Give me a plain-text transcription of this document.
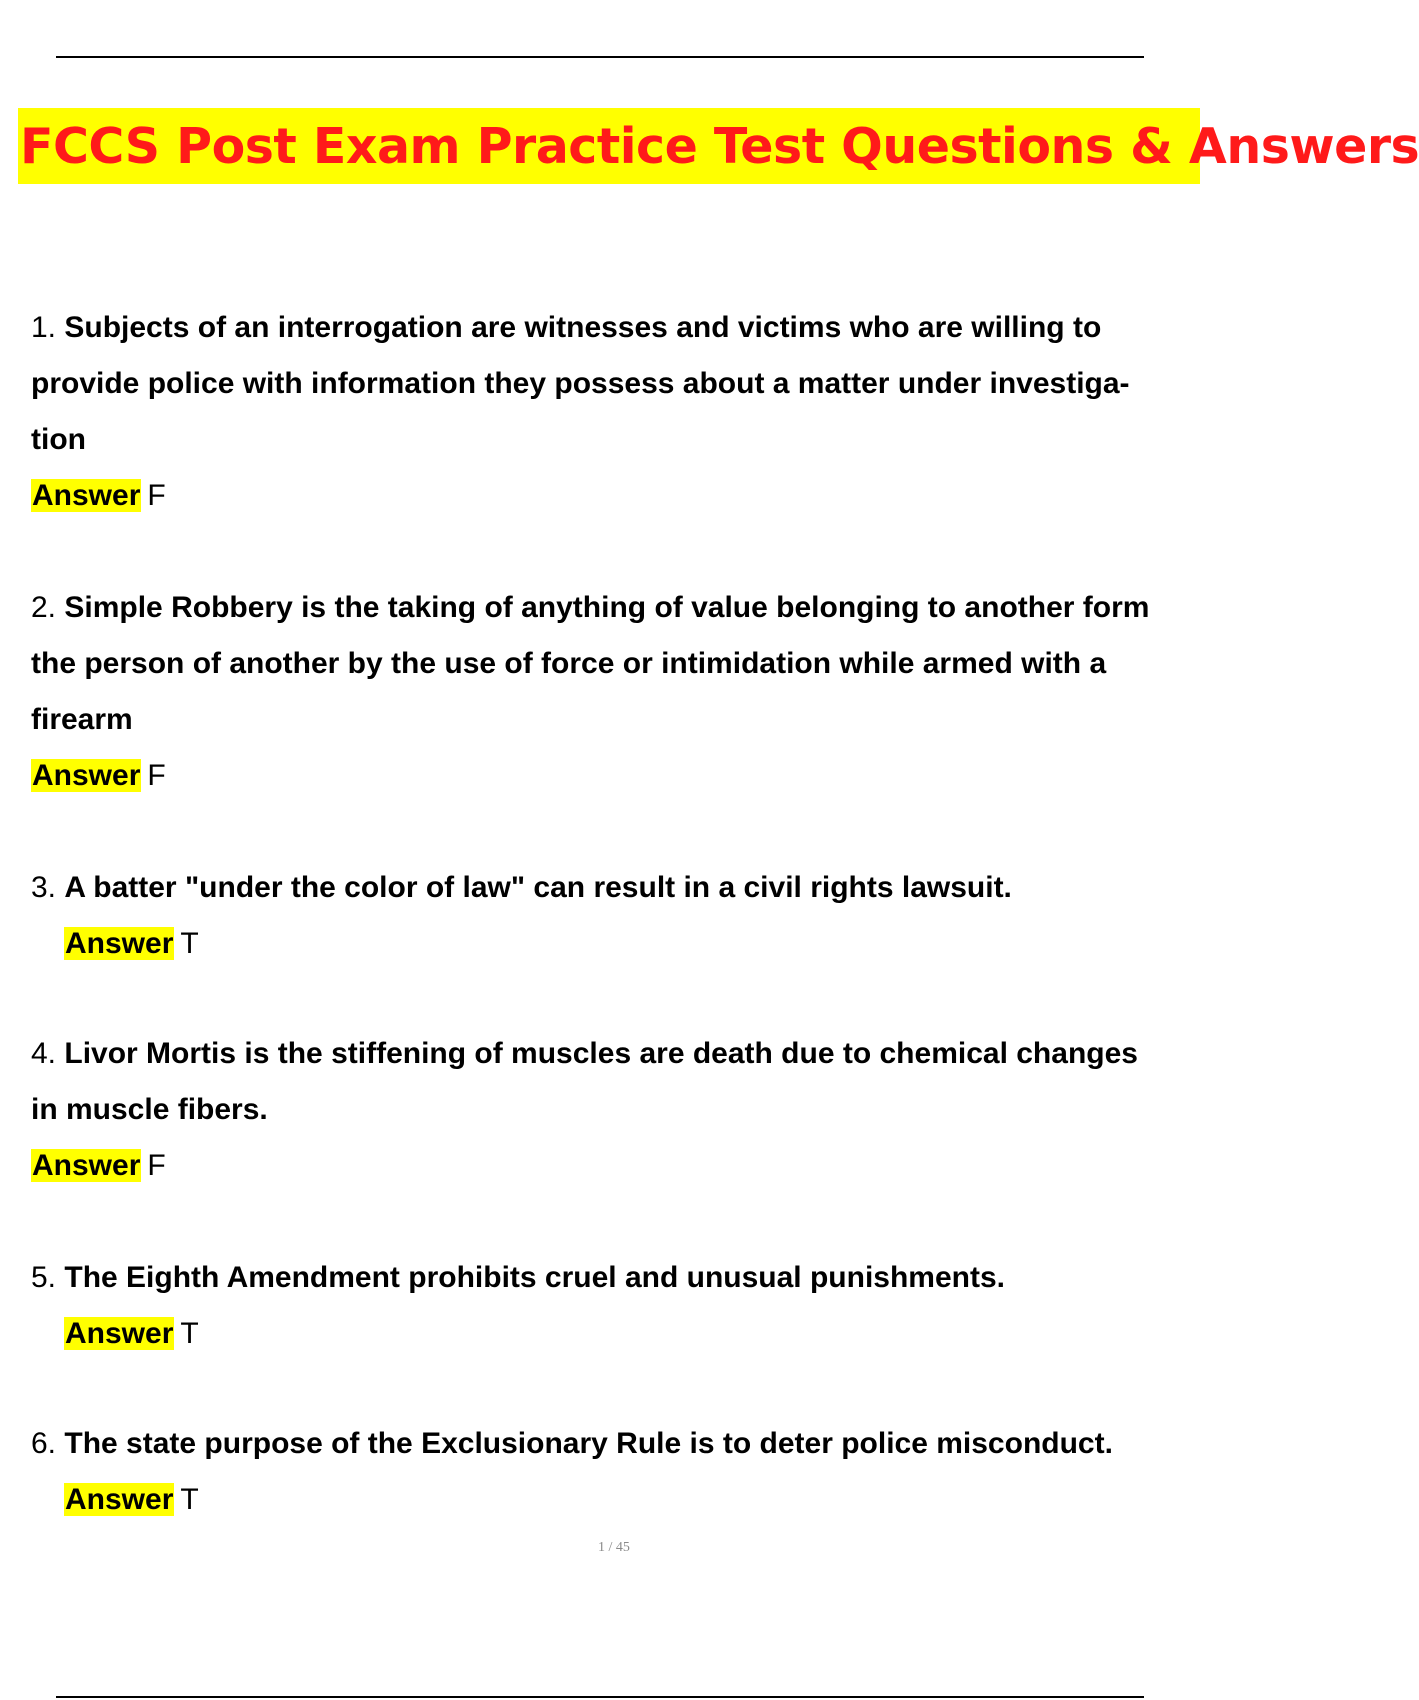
FCCS Post Exam Practice Test Questions & Answers
1. Subjects of an interrogation are witnesses and victims who are willing to
provide police with information they possess about a matter under investiga-
tion
Answer F
2. Simple Robbery is the taking of anything of value belonging to another form
the person of another by the use of force or intimidation while armed with a
firearm
Answer F
3. A batter "under the color of law" can result in a civil rights lawsuit.
Answer T
4. Livor Mortis is the stiffening of muscles are death due to chemical changes
in muscle fibers.
Answer F
5. The Eighth Amendment prohibits cruel and unusual punishments.
Answer T
6. The state purpose of the Exclusionary Rule is to deter police misconduct.
Answer T
1 / 45
